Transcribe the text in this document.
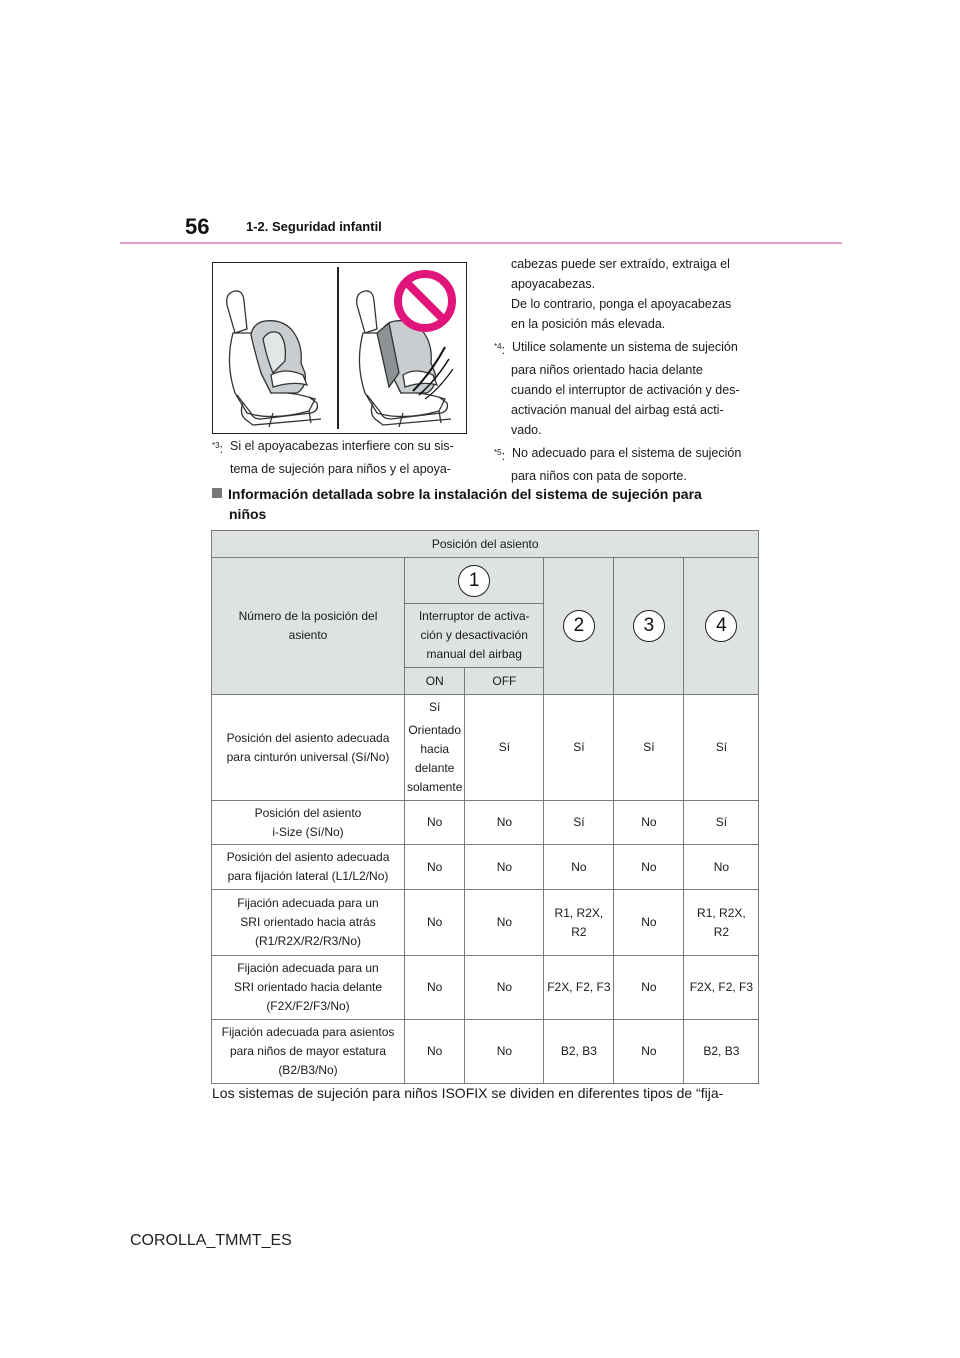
56	1-2. Seguridad infantil
$^{*3}$: Si el apoyacabezas interfiere con su sis-
tema de sujeción para niños y el apoya-
cabezas puede ser extraído, extraiga el
apoyacabezas.
De lo contrario, ponga el apoyacabezas
en la posición más elevada.
$^{*4}$: Utilice solamente un sistema de sujeción
para niños orientado hacia delante
cuando el interruptor de activación y des-
activación manual del airbag está acti-
vado.
$^{*5}$: No adecuado para el sistema de sujeción
para niños con pata de soporte.
Información detallada sobre la instalación del sistema de sujeción para
niños
Posición del asiento					
Número de la posición del asiento	1		2	3	4
	Interruptor de activa- ción y desactivación manual del airbag				
	ON	OFF			
Posición del asiento adecuada para cinturón universal (Sí/No)	Sí
Orientado
hacia
delante
solamente	Sí	Sí	Sí	Sí
Posición del asiento i-Size (Sí/No)	No	No	Sí	No	Sí
Posición del asiento adecuada para fijación lateral (L1/L2/No)	No	No	No	No	No
Fijación adecuada para un SRI orientado hacia atrás (R1/R2X/R2/R3/No)	No	No	R1, R2X, R2	No	R1, R2X, R2
Fijación adecuada para un SRI orientado hacia delante (F2X/F2/F3/No)	No	No	F2X, F2, F3	No	F2X, F2, F3
Fijación adecuada para asientos para niños de mayor estatura (B2/B3/No)	No	No	B2, B3	No	B2, B3
Los sistemas de sujeción para niños ISOFIX se dividen en diferentes tipos de “fija-
COROLLA_TMMT_ES
